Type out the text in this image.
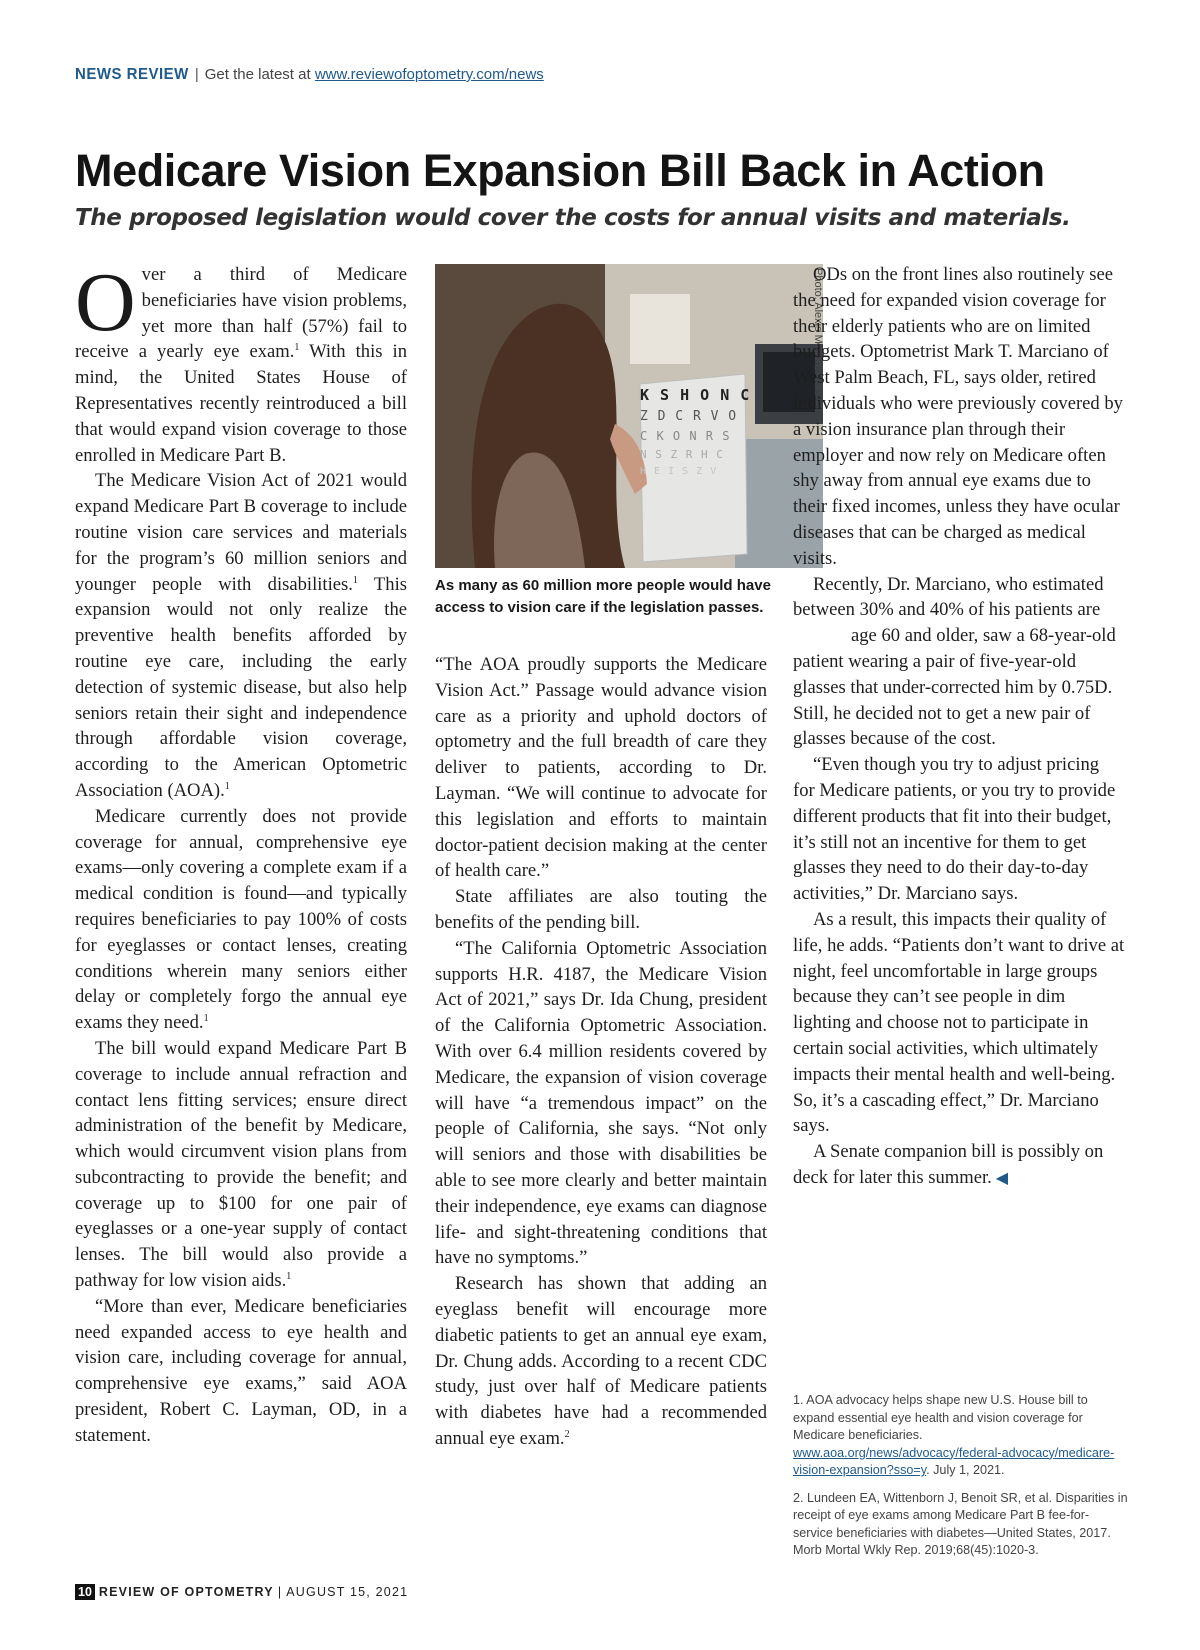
NEWS REVIEW | Get the latest at www.reviewofoptometry.com/news
Medicare Vision Expansion Bill Back in Action
The proposed legislation would cover the costs for annual visits and materials.

Over a third of Medicare beneficiaries have vision problems, yet more than half (57%) fail to receive a yearly eye exam.$^1$ With this in mind, the United States House of Representatives recently reintroduced a bill that would expand vision coverage to those enrolled in Medicare Part B.

The Medicare Vision Act of 2021 would expand Medicare Part B coverage to include routine vision care services and materials for the program’s 60 million seniors and younger people with disabilities.$^1$ This expansion would not only realize the preventive health benefits afforded by routine eye care, including the early detection of systemic disease, but also help seniors retain their sight and independence through affordable vision coverage, according to the American Optometric Association (AOA).$^1$

Medicare currently does not provide coverage for annual, comprehensive eye exams—only covering a complete exam if a medical condition is found—and typically requires beneficiaries to pay 100% of costs for eyeglasses or contact lenses, creating conditions wherein many seniors either delay or completely forgo the annual eye exams they need.$^1$

The bill would expand Medicare Part B coverage to include annual refraction and contact lens fitting services; ensure direct administration of the benefit by Medicare, which would circumvent vision plans from subcontracting to provide the benefit; and coverage up to $100 for one pair of eyeglasses or a one-year supply of contact lenses. The bill would also provide a pathway for low vision aids.$^1$

“More than ever, Medicare beneficiaries need expanded access to eye health and vision care, including coverage for annual, comprehensive eye exams,” said AOA president, Robert C. Layman, OD, in a statement.

Photo: Alexis Malkin, OD
As many as 60 million more people would have access to vision care if the legislation passes.
K S H O N C
Z D C R V O
C K O N R S
N S Z R H C
H E I S Z V

“The AOA proudly supports the Medicare Vision Act.” Passage would advance vision care as a priority and uphold doctors of optometry and the full breadth of care they deliver to patients, according to Dr. Layman. “We will continue to advocate for this legislation and efforts to maintain doctor-patient decision making at the center of health care.”

State affiliates are also touting the benefits of the pending bill.

“The California Optometric Association supports H.R. 4187, the Medicare Vision Act of 2021,” says Dr. Ida Chung, president of the California Optometric Association. With over 6.4 million residents covered by Medicare, the expansion of vision coverage will have “a tremendous impact” on the people of California, she says. “Not only will seniors and those with disabilities be able to see more clearly and better maintain their independence, eye exams can diagnose life- and sight-threatening conditions that have no symptoms.”

Research has shown that adding an eyeglass benefit will encourage more diabetic patients to get an annual eye exam, Dr. Chung adds. According to a recent CDC study, just over half of Medicare patients with diabetes have had a recommended annual eye exam.$^2$

ODs on the front lines also routinely see the need for expanded vision coverage for their elderly patients who are on limited budgets. Optometrist Mark T. Marciano of West Palm Beach, FL, says older, retired individuals who were previously covered by a vision insurance plan through their employer and now rely on Medicare often shy away from annual eye exams due to their fixed incomes, unless they have ocular diseases that can be charged as medical visits.

Recently, Dr. Marciano, who estimated between 30% and 40% of his patients are age 60 and older, saw a 68-year-old patient wearing a pair of five-year-old glasses that under-corrected him by 0.75D. Still, he decided not to get a new pair of glasses because of the cost.

“Even though you try to adjust pricing for Medicare patients, or you try to provide different products that fit into their budget, it’s still not an incentive for them to get glasses they need to do their day-to-day activities,” Dr. Marciano says.

As a result, this impacts their quality of life, he adds. “Patients don’t want to drive at night, feel uncomfortable in large groups because they can’t see people in dim lighting and choose not to participate in certain social activities, which ultimately impacts their mental health and well-being. So, it’s a cascading effect,” Dr. Marciano says.

A Senate companion bill is possibly on deck for later this summer. ◀

1. AOA advocacy helps shape new U.S. House bill to expand essential eye health and vision coverage for Medicare beneficiaries. www.aoa.org/news/advocacy/federal-advocacy/medicare-vision-expansion?sso=y. July 1, 2021.

2. Lundeen EA, Wittenborn J, Benoit SR, et al. Disparities in receipt of eye exams among Medicare Part B fee-for-service beneficiaries with diabetes—United States, 2017. Morb Mortal Wkly Rep. 2019;68(45):1020-3.

10 REVIEW OF OPTOMETRY | AUGUST 15, 2021
